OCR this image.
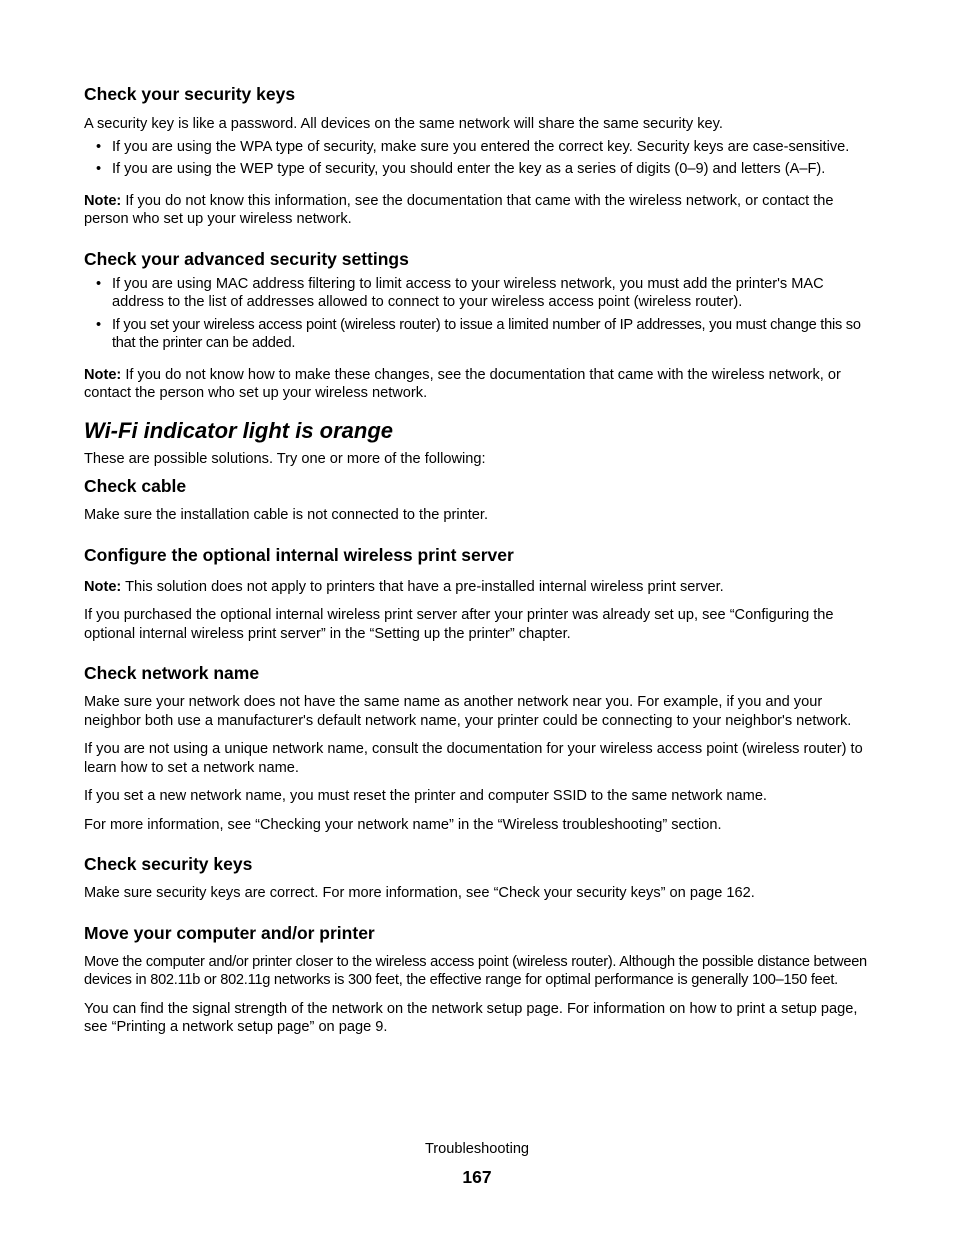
Check your security keys

A security key is like a password. All devices on the same network will share the same security key.

• If you are using the WPA type of security, make sure you entered the correct key. Security keys are case-sensitive.
• If you are using the WEP type of security, you should enter the key as a series of digits (0–9) and letters (A–F).

Note: If you do not know this information, see the documentation that came with the wireless network, or contact the person who set up your wireless network.

Check your advanced security settings
• If you are using MAC address filtering to limit access to your wireless network, you must add the printer's MAC address to the list of addresses allowed to connect to your wireless access point (wireless router).
• If you set your wireless access point (wireless router) to issue a limited number of IP addresses, you must change this so that the printer can be added.

Note: If you do not know how to make these changes, see the documentation that came with the wireless network, or contact the person who set up your wireless network.

Wi-Fi indicator light is orange

These are possible solutions. Try one or more of the following:

Check cable

Make sure the installation cable is not connected to the printer.

Configure the optional internal wireless print server

Note: This solution does not apply to printers that have a pre-installed internal wireless print server.

If you purchased the optional internal wireless print server after your printer was already set up, see “Configuring the optional internal wireless print server” in the “Setting up the printer” chapter.

Check network name

Make sure your network does not have the same name as another network near you. For example, if you and your neighbor both use a manufacturer's default network name, your printer could be connecting to your neighbor's network.

If you are not using a unique network name, consult the documentation for your wireless access point (wireless router) to learn how to set a network name.

If you set a new network name, you must reset the printer and computer SSID to the same network name.

For more information, see “Checking your network name” in the “Wireless troubleshooting” section.

Check security keys

Make sure security keys are correct. For more information, see “Check your security keys” on page 162.

Move your computer and/or printer

Move the computer and/or printer closer to the wireless access point (wireless router). Although the possible distance between devices in 802.11b or 802.11g networks is 300 feet, the effective range for optimal performance is generally 100–150 feet.

You can find the signal strength of the network on the network setup page. For information on how to print a setup page, see “Printing a network setup page” on page 9.

Troubleshooting
167
